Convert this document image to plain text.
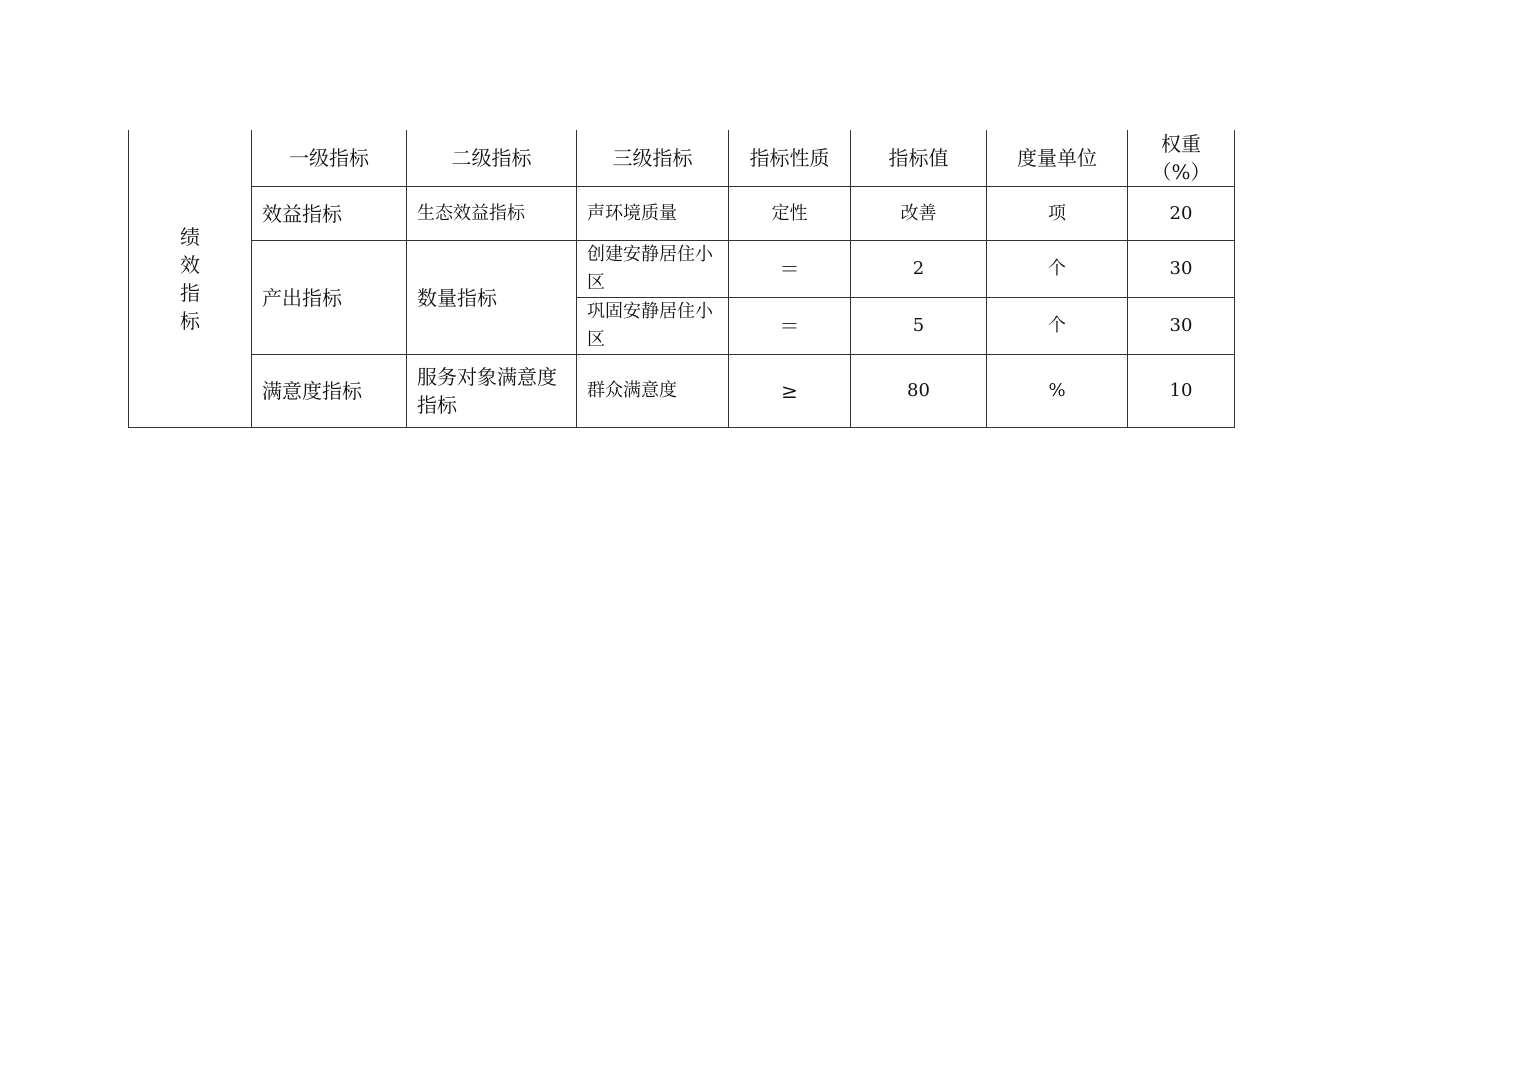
绩
效
指
标	一级指标	二级指标	三级指标	指标性质	指标值	度量单位	权重（%）
	效益指标	生态效益指标	声环境质量	定性	改善	项	20
	产出指标	数量指标	创建安静居住小区	＝	2	个	30
			巩固安静居住小区	＝	5	个	30
	满意度指标	服务对象满意度指标	群众满意度	≥	80	%	10
